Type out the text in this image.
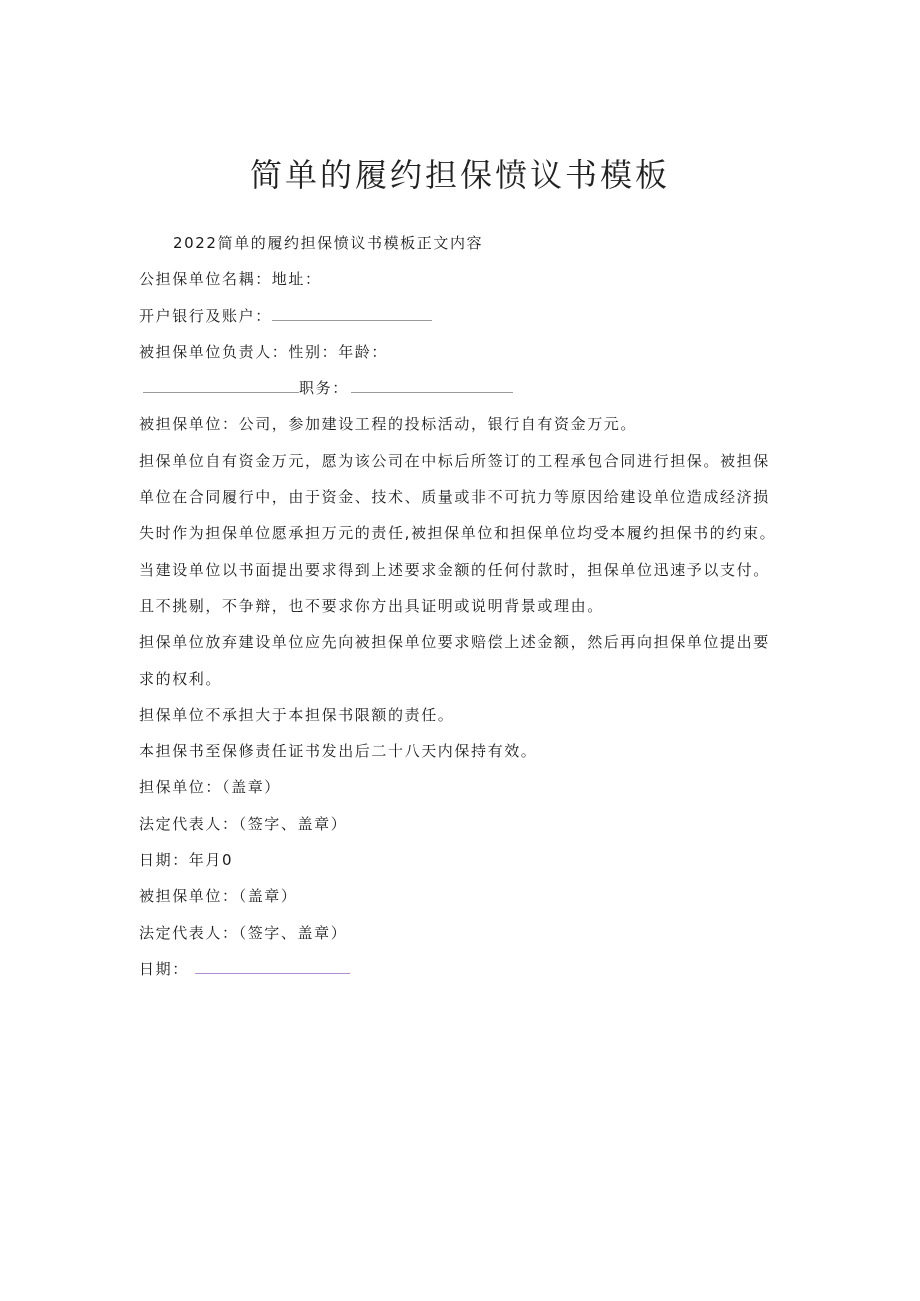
简单的履约担保愤议书模板
2022简单的履约担保愤议书模板正文内容
公担保单位名耦：地址：
开户银行及账户：
被担保单位负责人：性别：年龄：
职务：
被担保单位：公司，参加建设工程的投标活动，银行自有资金万元。
担保单位自有资金万元，愿为该公司在中标后所签订的工程承包合同进行担保。被担保
单位在合同履行中，由于资金、技术、质量或非不可抗力等原因给建设单位造成经济损
失时作为担保单位愿承担万元的责任,被担保单位和担保单位均受本履约担保书的约束。
当建设单位以书面提出要求得到上述要求金额的任何付款时，担保单位迅速予以支付。
且不挑剔，不争辩，也不要求你方出具证明或说明背景或理由。
担保单位放弃建设单位应先向被担保单位要求赔偿上述金额，然后再向担保单位提出要
求的权利。
担保单位不承担大于本担保书限额的责任。
本担保书至保修责任证书发出后二十八天内保持有效。
担保单位：（盖章）
法定代表人：（签字、盖章）
日期：年月0
被担保单位：（盖章）
法定代表人：（签字、盖章）
日期：
